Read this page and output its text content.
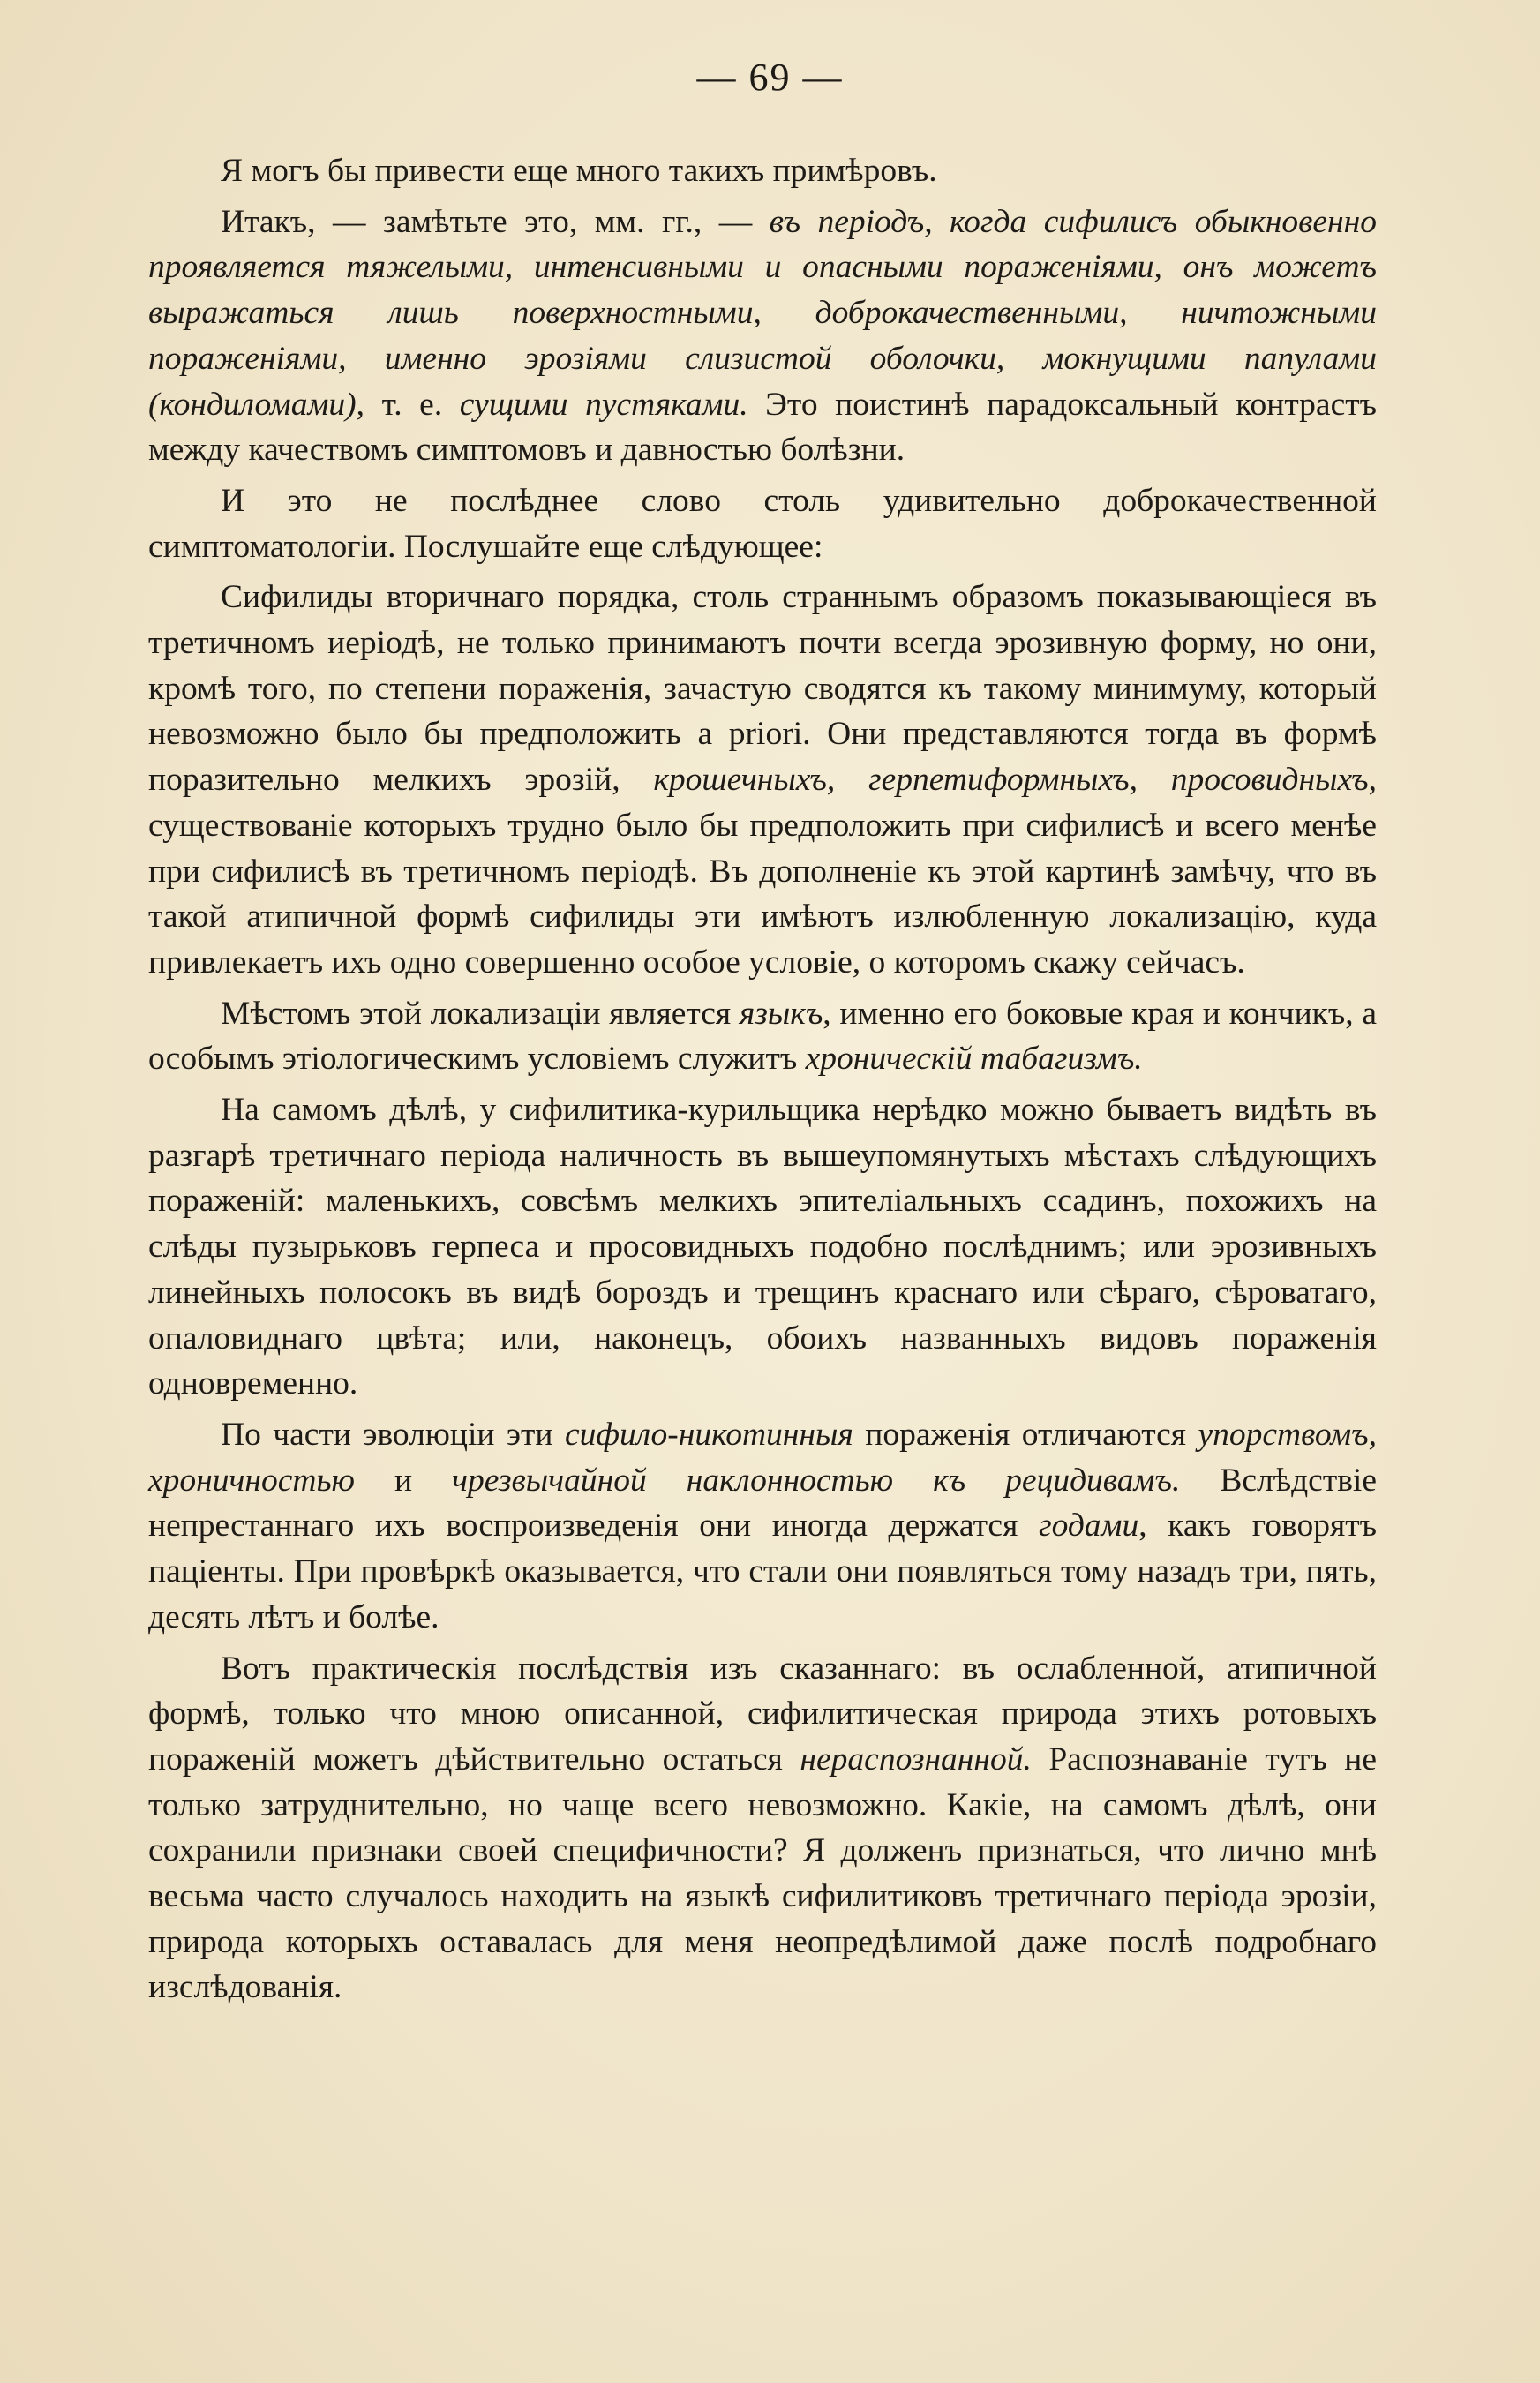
— 69 —

Я могъ бы привести еще много такихъ примѣровъ.

Итакъ, — замѣтьте это, мм. гг., — въ періодъ, когда сифилисъ обыкновенно проявляется тяжелыми, интенсивными и опасными пораженіями, онъ можетъ выражаться лишь поверхностными, доброкачественными, ничтожными пораженіями, именно эрозіями слизистой оболочки, мокнущими папулами (кондиломами), т. е. сущими пустяками. Это поистинѣ парадоксальный контрастъ между качествомъ симптомовъ и давностью болѣзни.

И это не послѣднее слово столь удивительно доброкачественной симптоматологіи. Послушайте еще слѣдующее:

Сифилиды вторичнаго порядка, столь страннымъ образомъ показывающіеся въ третичномъ иеріодѣ, не только принимаютъ почти всегда эрозивную форму, но они, кромѣ того, по степени пораженія, зачастую сводятся къ такому минимуму, который невозможно было бы предположить a priori. Они представляются тогда въ формѣ поразительно мелкихъ эрозій, крошечныхъ, герпетиформныхъ, просовидныхъ, существованіе которыхъ трудно было бы предположить при сифилисѣ и всего менѣе при сифилисѣ въ третичномъ періодѣ. Въ дополненіе къ этой картинѣ замѣчу, что въ такой атипичной формѣ сифилиды эти имѣютъ излюбленную локализацію, куда привлекаетъ ихъ одно совершенно особое условіе, о которомъ скажу сейчасъ.

Мѣстомъ этой локализаціи является языкъ, именно его боковые края и кончикъ, а особымъ этіологическимъ условіемъ служитъ хроническій табагизмъ.

На самомъ дѣлѣ, у сифилитика-курильщика нерѣдко можно бываетъ видѣть въ разгарѣ третичнаго періода наличность въ вышеупомянутыхъ мѣстахъ слѣдующихъ пораженій: маленькихъ, совсѣмъ мелкихъ эпителіальныхъ ссадинъ, похожихъ на слѣды пузырьковъ герпеса и просовидныхъ подобно послѣднимъ; или эрозивныхъ линейныхъ полосокъ въ видѣ бороздъ и трещинъ краснаго или сѣраго, сѣроватаго, опаловиднаго цвѣта; или, наконецъ, обоихъ названныхъ видовъ пораженія одновременно.

По части эволюціи эти сифило-никотинныя пораженія отличаются упорствомъ, хроничностью и чрезвычайной наклонностью къ рецидивамъ. Вслѣдствіе непрестаннаго ихъ воспроизведенія они иногда держатся годами, какъ говорятъ паціенты. При провѣркѣ оказывается, что стали они появляться тому назадъ три, пять, десять лѣтъ и болѣе.

Вотъ практическія послѣдствія изъ сказаннаго: въ ослабленной, атипичной формѣ, только что мною описанной, сифилитическая природа этихъ ротовыхъ пораженій можетъ дѣйствительно остаться нераспознанной. Распознаваніе тутъ не только затруднительно, но чаще всего невозможно. Какіе, на самомъ дѣлѣ, они сохранили признаки своей специфичности? Я долженъ признаться, что лично мнѣ весьма часто случалось находить на языкѣ сифилитиковъ третичнаго періода эрозіи, природа которыхъ оставалась для меня неопредѣлимой даже послѣ подробнаго изслѣдованія.
